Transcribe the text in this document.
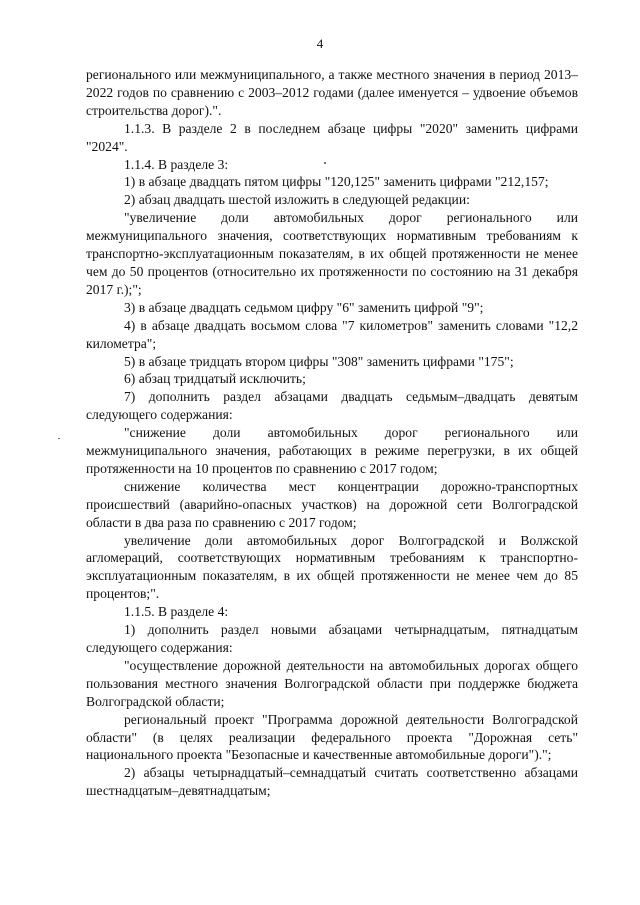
4

регионального или межмуниципального, а также местного значения в период 2013–2022 годов по сравнению с 2003–2012 годами (далее именуется – удвоение объемов строительства дорог).".

1.1.3. В разделе 2 в последнем абзаце цифры "2020" заменить цифрами "2024".

1.1.4. В разделе 3:

1) в абзаце двадцать пятом цифры "120,125" заменить цифрами "212,157;

2) абзац двадцать шестой изложить в следующей редакции:

"увеличение доли автомобильных дорог регионального или межмуниципального значения, соответствующих нормативным требованиям к транспортно-эксплуатационным показателям, в их общей протяженности не менее чем до 50 процентов (относительно их протяженности по состоянию на 31 декабря 2017 г.);";

3) в абзаце двадцать седьмом цифру "6" заменить цифрой "9";

4) в абзаце двадцать восьмом слова "7 километров" заменить словами "12,2 километра";

5) в абзаце тридцать втором цифры "308" заменить цифрами "175";

6) абзац тридцатый исключить;

7) дополнить раздел абзацами двадцать седьмым–двадцать девятым следующего содержания:

"снижение доли автомобильных дорог регионального или межмуниципального значения, работающих в режиме перегрузки, в их общей протяженности на 10 процентов по сравнению с 2017 годом;

снижение количества мест концентрации дорожно-транспортных происшествий (аварийно-опасных участков) на дорожной сети Волгоградской области в два раза по сравнению с 2017 годом;

увеличение доли автомобильных дорог Волгоградской и Волжской агломераций, соответствующих нормативным требованиям к транспортно-эксплуатационным показателям, в их общей протяженности не менее чем до 85 процентов;".

1.1.5. В разделе 4:

1) дополнить раздел новыми абзацами четырнадцатым, пятнадцатым следующего содержания:

"осуществление дорожной деятельности на автомобильных дорогах общего пользования местного значения Волгоградской области при поддержке бюджета Волгоградской области;

региональный проект "Программа дорожной деятельности Волгоградской области" (в целях реализации федерального проекта "Дорожная сеть" национального проекта "Безопасные и качественные автомобильные дороги").";

2) абзацы четырнадцатый–семнадцатый считать соответственно абзацами шестнадцатым–девятнадцатым;
